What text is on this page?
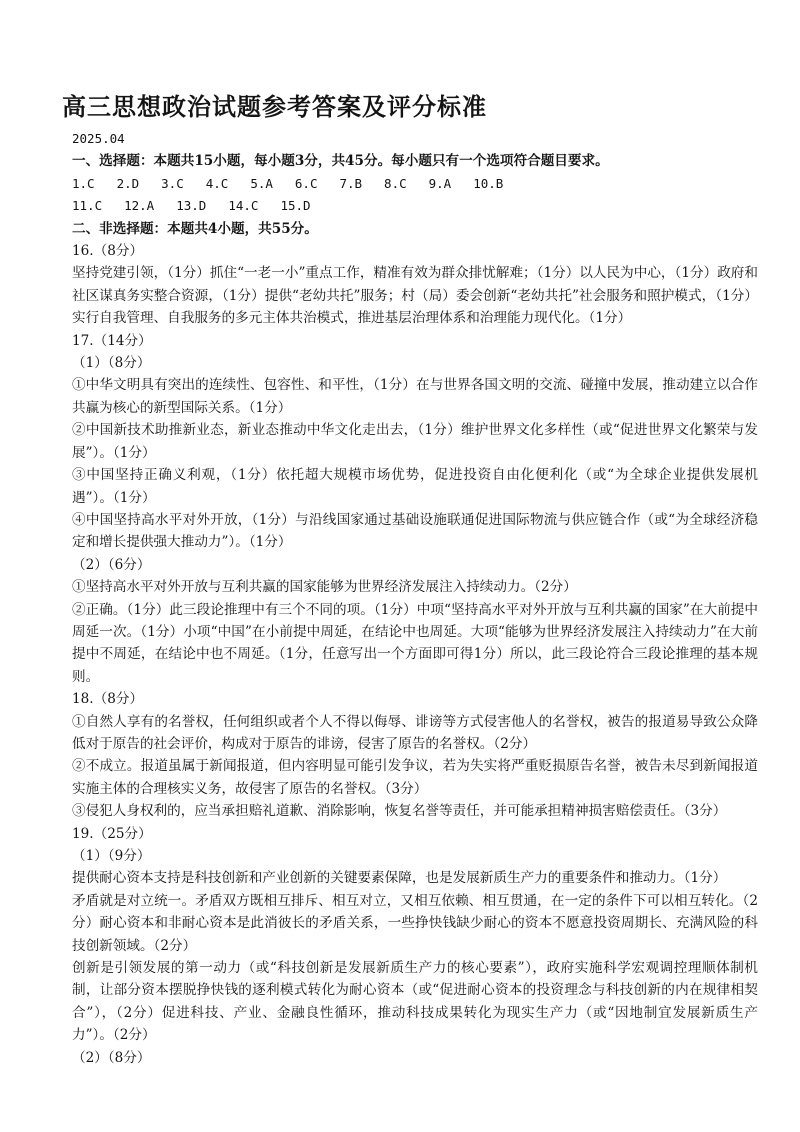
高三思想政治试题参考答案及评分标准
2025.04

一、选择题：本题共15小题，每小题3分，共45分。每小题只有一个选项符合题目要求。

1.C 2.D 3.C 4.C 5.A 6.C 7.B 8.C 9.A 10.B
11.C 12.A 13.D 14.C 15.D

二、非选择题：本题共4小题，共55分。

16.（8分）

坚持党建引领，（1分）抓住“一老一小”重点工作，精准有效为群众排忧解难；（1分）以人民为中心，（1分）政府和社区谋真务实整合资源，（1分）提供“老幼共托”服务；村（局）委会创新“老幼共托”社会服务和照护模式，（1分）实行自我管理、自我服务的多元主体共治模式，推进基层治理体系和治理能力现代化。（1分）

17.（14分）

（1）（8分）

①中华文明具有突出的连续性、包容性、和平性，（1分）在与世界各国文明的交流、碰撞中发展，推动建立以合作共赢为核心的新型国际关系。（1分）

②中国新技术助推新业态，新业态推动中华文化走出去，（1分）维护世界文化多样性（或“促进世界文化繁荣与发展”）。（1分）

③中国坚持正确义利观，（1分）依托超大规模市场优势，促进投资自由化便利化（或“为全球企业提供发展机遇”）。（1分）

④中国坚持高水平对外开放，（1分）与沿线国家通过基础设施联通促进国际物流与供应链合作（或“为全球经济稳定和增长提供强大推动力”）。（1分）

（2）（6分）

①坚持高水平对外开放与互利共赢的国家能够为世界经济发展注入持续动力。（2分）

②正确。（1分）此三段论推理中有三个不同的项。（1分）中项“坚持高水平对外开放与互利共赢的国家”在大前提中周延一次。（1分）小项“中国”在小前提中周延，在结论中也周延。大项“能够为世界经济发展注入持续动力”在大前提中不周延，在结论中也不周延。（1分，任意写出一个方面即可得1分）所以，此三段论符合三段论推理的基本规则。

18.（8分）

①自然人享有的名誉权，任何组织或者个人不得以侮辱、诽谤等方式侵害他人的名誉权，被告的报道易导致公众降低对于原告的社会评价，构成对于原告的诽谤，侵害了原告的名誉权。（2分）

②不成立。报道虽属于新闻报道，但内容明显可能引发争议，若为失实将严重贬损原告名誉，被告未尽到新闻报道实施主体的合理核实义务，故侵害了原告的名誉权。（3分）

③侵犯人身权利的，应当承担赔礼道歉、消除影响，恢复名誉等责任，并可能承担精神损害赔偿责任。（3分）

19.（25分）

（1）（9分）

提供耐心资本支持是科技创新和产业创新的关键要素保障，也是发展新质生产力的重要条件和推动力。（1分）

矛盾就是对立统一。矛盾双方既相互排斥、相互对立，又相互依赖、相互贯通，在一定的条件下可以相互转化。（2分）耐心资本和非耐心资本是此消彼长的矛盾关系，一些挣快钱缺少耐心的资本不愿意投资周期长、充满风险的科技创新领域。（2分）

创新是引领发展的第一动力（或“科技创新是发展新质生产力的核心要素”），政府实施科学宏观调控理顺体制机制，让部分资本摆脱挣快钱的逐利模式转化为耐心资本（或“促进耐心资本的投资理念与科技创新的内在规律相契合”），（2分）促进科技、产业、金融良性循环，推动科技成果转化为现实生产力（或“因地制宜发展新质生产力”）。（2分）

（2）（8分）
